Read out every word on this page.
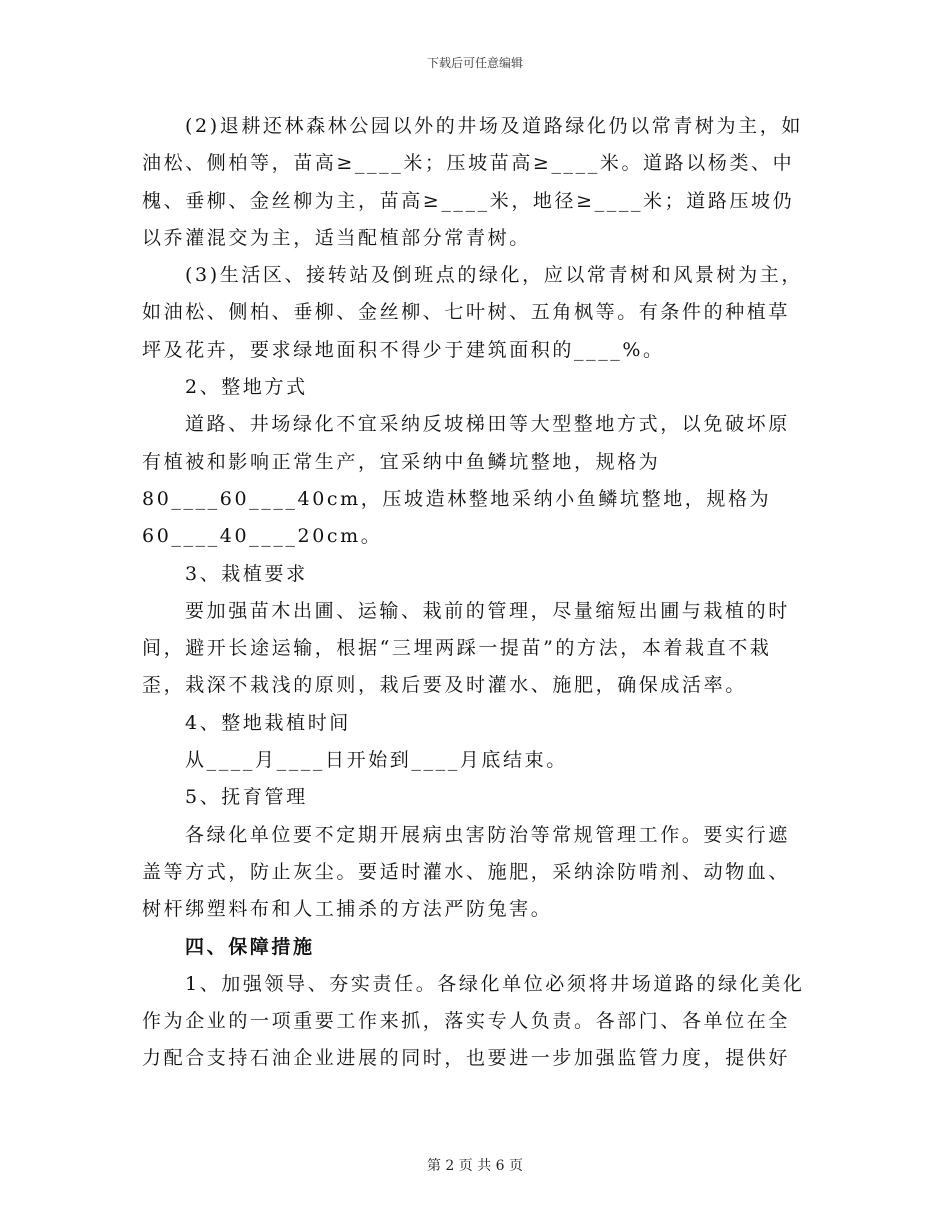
下载后可任意编辑
(2)退耕还林森林公园以外的井场及道路绿化仍以常青树为主，如
油松、侧柏等，苗高≥____米；压坡苗高≥____米。道路以杨类、中
槐、垂柳、金丝柳为主，苗高≥____米，地径≥____米；道路压坡仍
以乔灌混交为主，适当配植部分常青树。
(3)生活区、接转站及倒班点的绿化，应以常青树和风景树为主，
如油松、侧柏、垂柳、金丝柳、七叶树、五角枫等。有条件的种植草
坪及花卉，要求绿地面积不得少于建筑面积的____%。
2、整地方式
道路、井场绿化不宜采纳反坡梯田等大型整地方式，以免破坏原
有植被和影响正常生产，宜采纳中鱼鳞坑整地，规格为
80____60____40cm，压坡造林整地采纳小鱼鳞坑整地，规格为
60____40____20cm。
3、栽植要求
要加强苗木出圃、运输、栽前的管理，尽量缩短出圃与栽植的时
间，避开长途运输，根据“三埋两踩一提苗”的方法，本着栽直不栽
歪，栽深不栽浅的原则，栽后要及时灌水、施肥，确保成活率。
4、整地栽植时间
从____月____日开始到____月底结束。
5、抚育管理
各绿化单位要不定期开展病虫害防治等常规管理工作。要实行遮
盖等方式，防止灰尘。要适时灌水、施肥，采纳涂防啃剂、动物血、
树杆绑塑料布和人工捕杀的方法严防兔害。
四、保障措施
1、加强领导、夯实责任。各绿化单位必须将井场道路的绿化美化
作为企业的一项重要工作来抓，落实专人负责。各部门、各单位在全
力配合支持石油企业进展的同时，也要进一步加强监管力度，提供好
第 2 页 共 6 页
